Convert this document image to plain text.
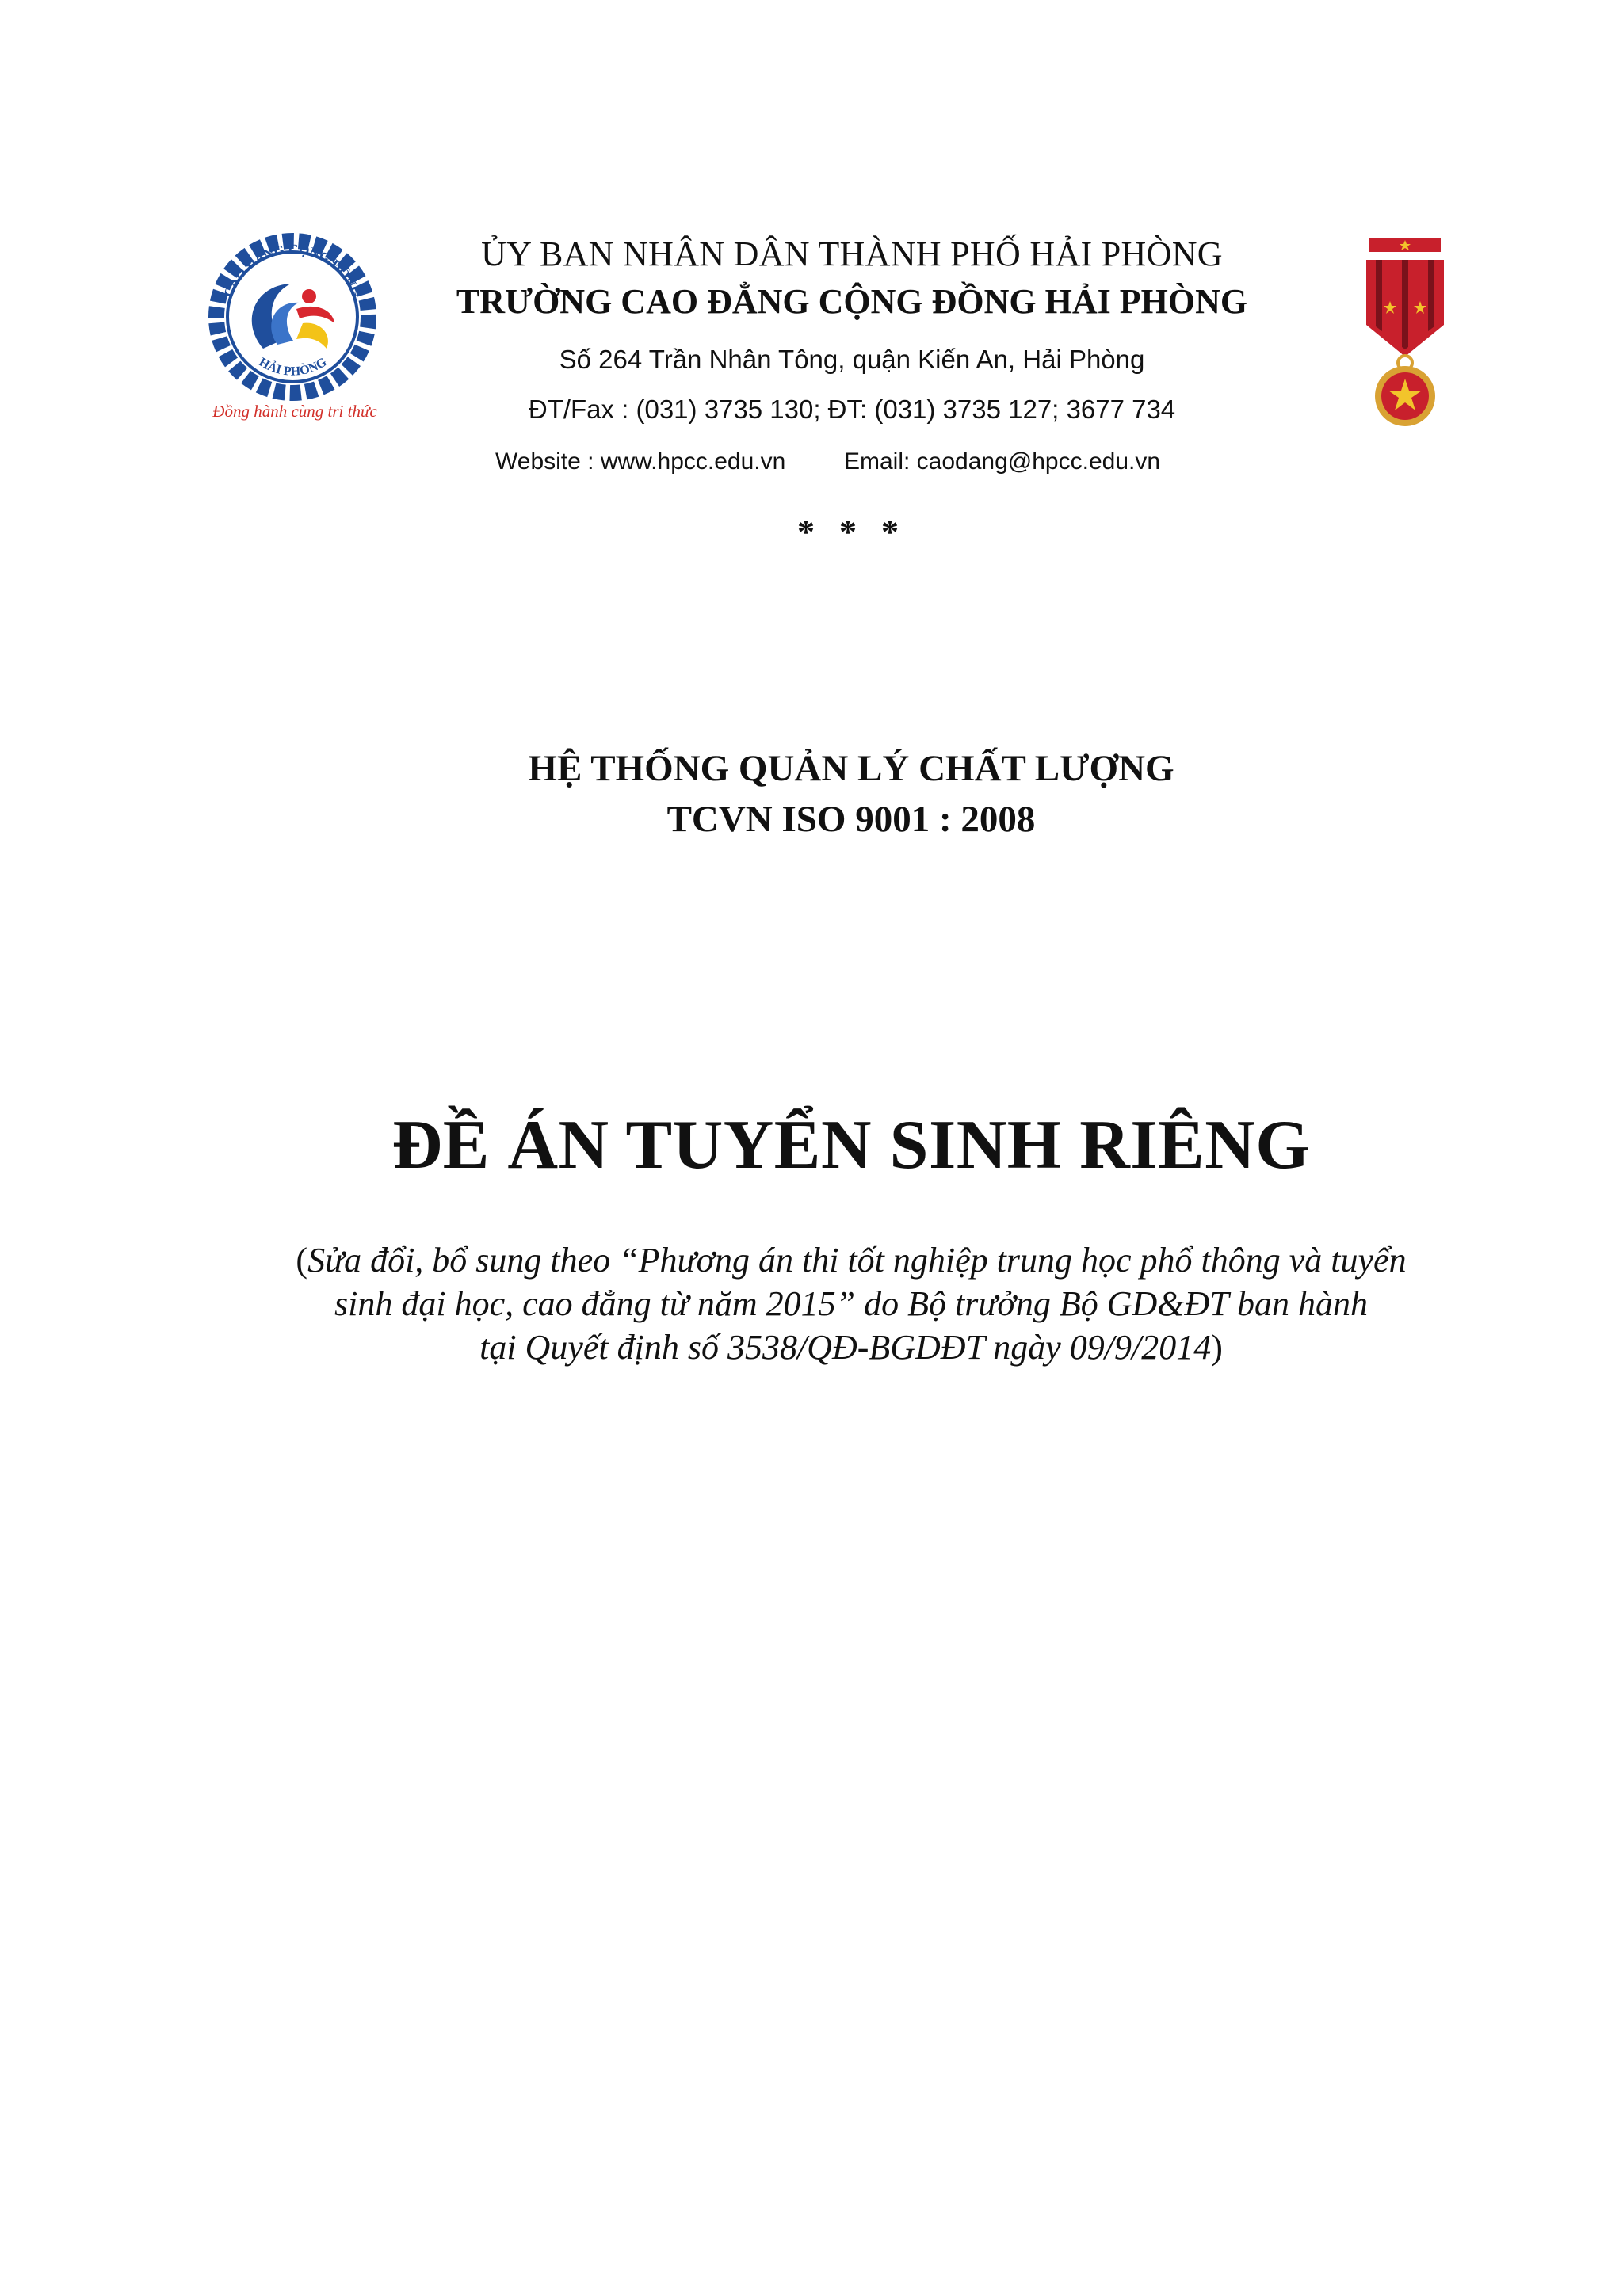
CAO ĐẲNG CỘNG ĐỒNG
HẢI PHÒNG
Đồng hành cùng tri thức
ỦY BAN NHÂN DÂN THÀNH PHỐ HẢI PHÒNG
TRƯỜNG CAO ĐẲNG CỘNG ĐỒNG HẢI PHÒNG
Số 264 Trần Nhân Tông, quận Kiến An, Hải Phòng
ĐT/Fax : (031) 3735 130; ĐT: (031) 3735 127; 3677 734
Website : www.hpcc.edu.vn Email: caodang@hpcc.edu.vn
* * *
HỆ THỐNG QUẢN LÝ CHẤT LƯỢNG
TCVN ISO 9001 : 2008
ĐỀ ÁN TUYỂN SINH RIÊNG
(Sửa đổi, bổ sung theo “Phương án thi tốt nghiệp trung học phổ thông và tuyển
sinh đại học, cao đẳng từ năm 2015” do Bộ trưởng Bộ GD&ĐT ban hành
tại Quyết định số 3538/QĐ-BGDĐT ngày 09/9/2014)
